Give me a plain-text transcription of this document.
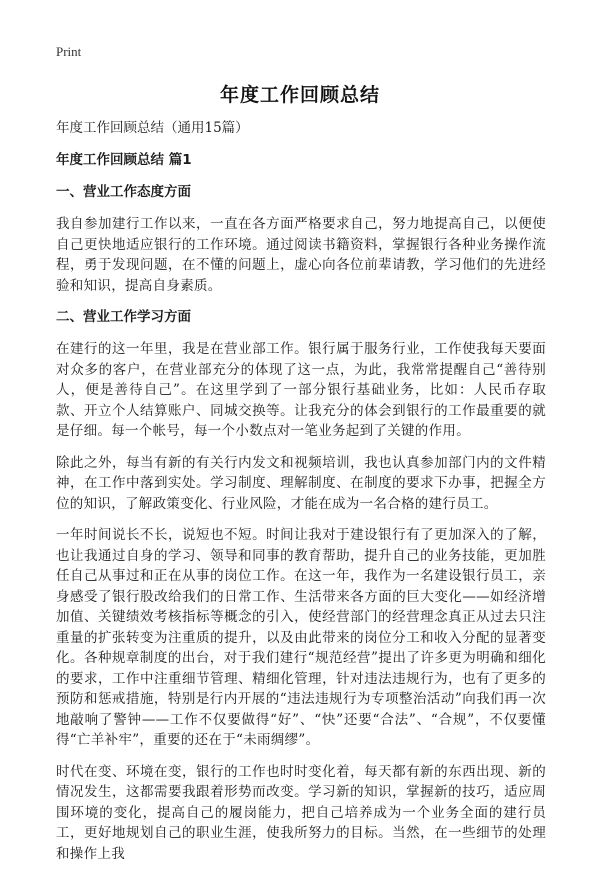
Print
年度工作回顾总结

年度工作回顾总结（通用15篇）

年度工作回顾总结 篇1

一、营业工作态度方面

我自参加建行工作以来，一直在各方面严格要求自己，努力地提高自己，以便使自己更快地适应银行的工作环境。通过阅读书籍资料，掌握银行各种业务操作流程，勇于发现问题，在不懂的问题上，虚心向各位前辈请教，学习他们的先进经验和知识，提高自身素质。

二、营业工作学习方面

在建行的这一年里，我是在营业部工作。银行属于服务行业，工作使我每天要面对众多的客户，在营业部充分的体现了这一点，为此，我常常提醒自己“善待别人，便是善待自己”。在这里学到了一部分银行基础业务，比如：人民币存取款、开立个人结算账户、同城交换等。让我充分的体会到银行的工作最重要的就是仔细。每一个帐号，每一个小数点对一笔业务起到了关键的作用。

除此之外，每当有新的有关行内发文和视频培训，我也认真参加部门内的文件精神，在工作中落到实处。学习制度、理解制度、在制度的要求下办事，把握全方位的知识，了解政策变化、行业风险，才能在成为一名合格的建行员工。

一年时间说长不长，说短也不短。时间让我对于建设银行有了更加深入的了解，也让我通过自身的学习、领导和同事的教育帮助，提升自己的业务技能，更加胜任自己从事过和正在从事的岗位工作。在这一年，我作为一名建设银行员工，亲身感受了银行股改给我们的日常工作、生活带来各方面的巨大变化——如经济增加值、关键绩效考核指标等概念的引入，使经营部门的经营理念真正从过去只注重量的扩张转变为注重质的提升，以及由此带来的岗位分工和收入分配的显著变化。各种规章制度的出台，对于我们建行“规范经营”提出了许多更为明确和细化的要求，工作中注重细节管理、精细化管理，针对违法违规行为，也有了更多的预防和惩戒措施，特别是行内开展的“违法违规行为专项整治活动”向我们再一次地敲响了警钟——工作不仅要做得“好”、“快”还要“合法”、“合规”，不仅要懂得“亡羊补牢”，重要的还在于“未雨绸缪”。

时代在变、环境在变，银行的工作也时时变化着，每天都有新的东西出现、新的情况发生，这都需要我跟着形势而改变。学习新的知识，掌握新的技巧，适应周围环境的变化，提高自己的履岗能力，把自己培养成为一个业务全面的建行员工，更好地规划自己的职业生涯，使我所努力的目标。当然，在一些细节的处理和操作上我
